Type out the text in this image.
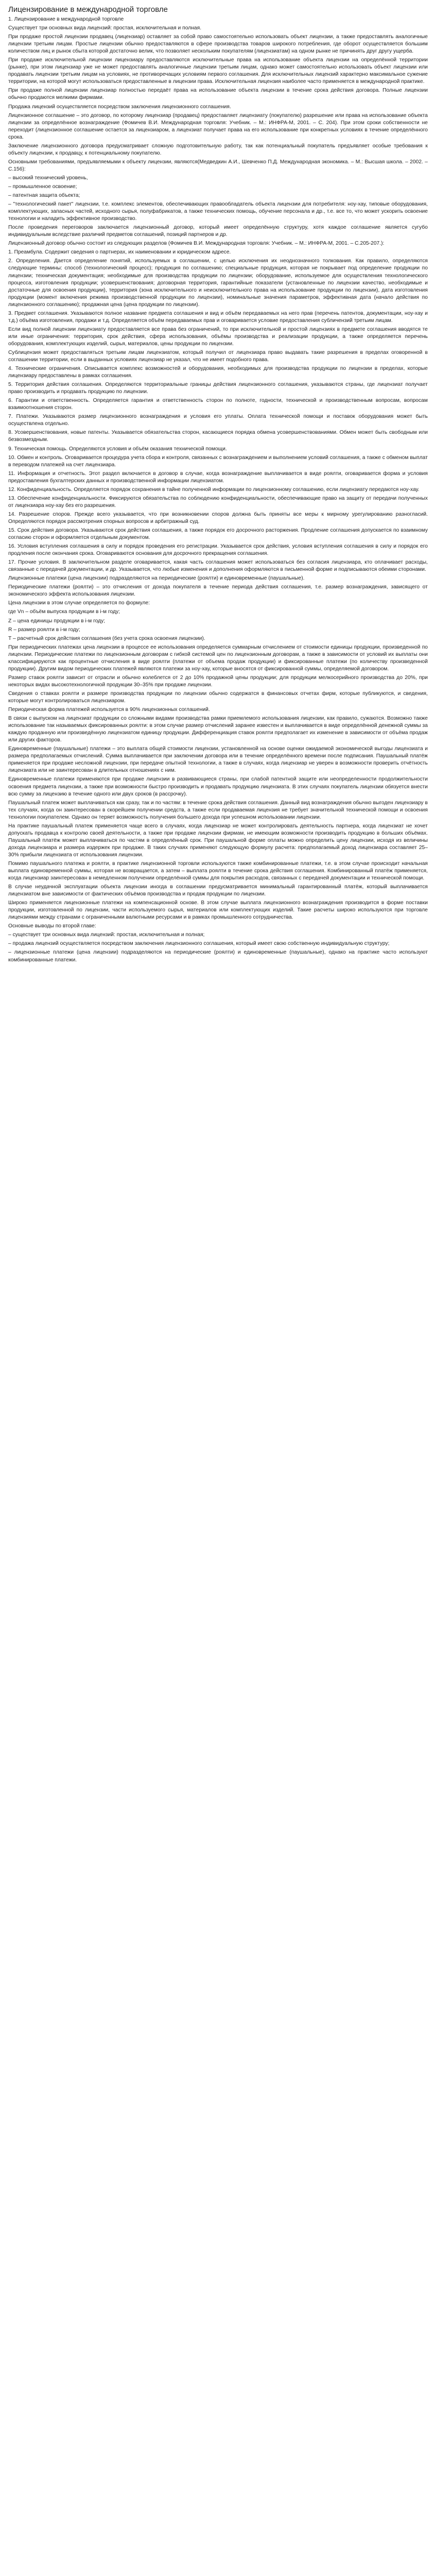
Лицензирование в международной торговле

1. Лицензирование в международной торговле

Существует три основных вида лицензий: простая, исключительная и полная.

При продаже простой лицензии продавец (лицензиар) оставляет за собой право самостоятельно использовать объект лицензии, а также предоставлять аналогичные лицензии третьим лицам. Простые лицензии обычно предоставляются в сфере производства товаров широкого потребления, где оборот осуществляется большим количеством лиц и рынок сбыта которой достаточно велик, что позволяет нескольким покупателям (лицензиатам) на одном рынке не причинять друг другу ущерба.

При продаже исключительной лицензии лицензиару предоставляются исключительные права на использование объекта лицензии на определённой территории (рынке), при этом лицензиар уже не может предоставлять аналогичные лицензии третьим лицам, однако может самостоятельно использовать объект лицензии или продавать лицензии третьим лицам на условиях, не противоречащих условиям первого соглашения. Для исключительных лицензий характерно максимальное сужение территории, на которой могут использоваться предоставленные в лицензии права. Исключительная лицензия наиболее часто применяется в международной практике.

При продаже полной лицензии лицензиар полностью передаёт права на использование объекта лицензии в течение срока действия договора. Полные лицензии обычно продаются мелкими фирмами.

Продажа лицензий осуществляется посредством заключения лицензионного соглашения.

Лицензионное соглашение – это договор, по которому лицензиар (продавец) предоставляет лицензиату (покупателю) разрешение или права на использование объекта лицензии за определённое вознаграждение (Фомичев В.И. Международная торговля: Учебник. – М.: ИНФРА-М, 2001. – С. 204). При этом сроки собственности не переходит (лицензионное соглашение остается за лицензиаром, а лицензиат получает права на его использование при конкретных условиях в течение определённого срока.

Заключение лицензионного договора предусматривает сложную подготовительную работу, так как потенциальный покупатель предъявляет особые требования к объекту лицензии, к продавцу, к потенциальному покупателю.

Основными требованиями, предъявляемыми к объекту лицензии, являются(Медведкин А.И., Шевченко П.Д. Международная экономика. – М.: Высшая школа. – 2002. – С.156):

– высокий технический уровень,

– промышленное освоение;

– патентная защита объекта;

– "технологический пакет" лицензии, т.е. комплекс элементов, обеспечивающих правообладатель объекта лицензии для потребителя: ноу-хау, типовые оборудования, комплектующих, запасных частей, исходного сырья, полуфабрикатов, а также технических помощь, обучение персонала и др., т.е. все то, что может ускорить освоение технологии и наладить эффективное производство.

После проведения переговоров заключается лицензионный договор, который имеет определённую структуру, хотя каждое соглашение является сугубо индивидуальным вследствие различий предметов соглашений, позиций партнеров и др.

Лицензионный договор обычно состоит из следующих разделов (Фомичев В.И. Международная торговля: Учебник. – М.: ИНФРА-М, 2001. – С.205-207.):

1. Преамбула. Содержит сведения о партнерах, их наименовании и юридическом адресе.

2. Определения. Дается определение понятий, используемых в соглашении, с целью исключения их неоднозначного толкования. Как правило, определяются следующие термины: способ (технологический процесс); продукция по соглашению; специальные продукция, которая не покрывает под определение продукции по лицензии; техническая документация; необходимые для производства продукции по лицензии; оборудование, используемое для осуществления технологического процесса, изготовления продукции; усовершенствования; договорная территория, гарантийные показатели (установленные по лицензии качество, необходимые и достаточные для освоения продукции), территория (зона исключительного и неисключительного права на использование продукции по лицензии), дата изготовления продукции (момент включения режима производственной продукции по лицензии), номинальные значения параметров, эффективная дата (начало действия по лицензионного соглашению); продажная цена (цена продукции по лицензии).

3. Предмет соглашения. Указываются полное название предмета соглашения и вид и объём передаваемых на него прав (перечень патентов, документации, ноу-хау и т.д.) объёма изготовления, продажи и т.д. Определяется объём передаваемых прав и оговаривается условие предоставления субличензий третьим лицам.

Если вид полной лицензии лицензиату предоставляется все права без ограничений, то при исключительной и простой лицензиях в предмете соглашения вводятся те или иные ограничения: территория, срок действия, сфера использования, объёмы производства и реализации продукции, а также определяется перечень оборудования, комплектующих изделий, сырья, материалов, цены продукции по лицензии.

Сублицензия может предоставляться третьим лицам лицензиатом, который получил от лицензиара право выдавать такие разрешения в пределах оговоренной в соглашении территории, если в выданных условиях лицензиар не указал, что не имеет подобного права.

4. Технические ограничения. Описывается комплекс возможностей и оборудования, необходимых для производства продукции по лицензии в пределах, которые лицензиару предоставлены в рамках соглашения.

5. Территория действия соглашения. Определяются территориальные границы действия лицензионного соглашения, указываются страны, где лицензиат получает право производить и продавать продукцию по лицензии.

6. Гарантии и ответственность. Определяется гарантия и ответственность сторон по полноте, годности, технической и производственным вопросам, вопросам взаимоотношения сторон.

7. Платежи. Указываются размер лицензионного вознаграждения и условия его уплаты. Оплата технической помощи и поставок оборудования может быть осуществлена отдельно.

8. Усовершенствования, новые патенты. Указывается обязательства сторон, касающиеся порядка обмена усовершенствованиями. Обмен может быть свободным или безвозмездным.

9. Техническая помощь. Определяются условия и объём оказания технической помощи.

10. Обмен и контроль. Оговаривается процедура учета сбора и контроля, связанных с вознаграждением и выполнением условий соглашения, а также с обменом выплат в переводом платежей на счет лицензиара.

11. Информация и отчетность. Этот раздел включается в договор в случае, когда вознаграждение выплачивается в виде роялти, оговаривается форма и условия предоставления бухгалтерских данных и производственной информации лицензиатом.

12. Конфиденциальность. Определяется порядок сохранения в тайне полученной информации по лицензионному соглашению, если лицензиату передаются ноу-хау.

13. Обеспечение конфиденциальности. Фиксируются обязательства по соблюдению конфиденциальности, обеспечивающие право на защиту от передачи полученных от лицензиара ноу-хау без его разрешения.

14. Разрешение споров. Прежде всего указывается, что при возникновении споров должна быть приняты все меры к мирному урегулированию разногласий. Определяются порядок рассмотрения спорных вопросов и арбитражный суд.

15. Срок действия договора. Указываются срок действия соглашения, а также порядок его досрочного расторжения. Продление соглашения допускается по взаимному согласию сторон и оформляется отдельным документом.

16. Условия вступления соглашения в силу и порядок проведения его регистрации. Указывается срок действия, условия вступления соглашения в силу и порядок его продления после окончания срока. Оговариваются основания для досрочного прекращения соглашения.

17. Прочие условия. В заключительном разделе оговаривается, какая часть соглашения может использоваться без согласия лицензиара, кто оплачивает расходы, связанные с передачей документации, и др. Указывается, что любые изменения и дополнения оформляются в письменной форме и подписываются обеими сторонами.

Лицензионные платежи (цена лицензии) подразделяются на периодические (роялти) и единовременные (паушальные).

Периодические платежи (роялти) – это отчисления от дохода покупателя в течение периода действия соглашения, т.е. размер вознаграждения, зависящего от экономического эффекта использования лицензии.

Цена лицензии в этом случае определяется по формуле:

где Vn – объём выпуска продукции в i-м году;

Z – цена единицы продукции в i-м году;

R – размер роялти в i-м году;

T – расчетный срок действия соглашения (без учета срока освоения лицензии).

При периодических платежах цена лицензии в процессе ее использования определяется суммарным отчислением от стоимости единицы продукции, произведенной по лицензии. Периодические платежи по лицензионным договорам с гибкой системой цен по лицензионным договорам, а также в зависимости от условий их выплаты они классифицируются как процентные отчисления в виде роялти (платежи от объема продаж продукции) и фиксированные платежи (по количеству произведенной продукции). Другим видом периодических платежей являются платежи за ноу-хау, которые вносятся от фиксированной суммы, определяемой договором.

Размер ставок роялти зависит от отрасли и обычно колеблется от 2 до 10% продажной цены продукции; для продукции мелкосерийного производства до 20%, при некоторых видах высокотехнологичной продукции 30–35% при продаже лицензии.

Сведения о ставках роялти и размере производства продукции по лицензии обычно содержатся в финансовых отчетах фирм, которые публикуются, и сведения, которые могут контролироваться лицензиаром.

Периодическая форма платежей используется в 90% лицензионных соглашений.

В связи с выпуском на лицензиат продукции со сложными видами производства рамки приемлемого использования лицензии, как правило, сужаются. Возможно также использование так называемых фиксированных роялти: в этом случае размер отчислений заранее известен и выплачивается в виде определённой денежной суммы за каждую проданную или произведённую лицензиатом единицу продукции. Дифференциация ставок роялти предполагает их изменение в зависимости от объёма продаж или других факторов.

Единовременные (паушальные) платежи – это выплата общей стоимости лицензии, установленной на основе оценки ожидаемой экономической выгоды лицензиата и размера предполагаемых отчислений. Сумма выплачивается при заключении договора или в течение определённого времени после подписания. Паушальный платёж применяется при продаже несложной лицензии, при передаче опытной технологии, а также в случаях, когда лицензиар не уверен в возможности проверить отчётность лицензиата или не заинтересован в длительных отношениях с ним.

Единовременные платежи применяются при продаже лицензии в развивающиеся страны, при слабой патентной защите или неопределенности продолжительности освоения предмета лицензии, а также при возможности быстро производить и продавать продукцию лицензиата. В этих случаях покупатель лицензии обязуется внести всю сумму за лицензию в течение одного или двух сроков (в рассрочку).

Паушальный платеж может выплачиваться как сразу, так и по частям: в течение срока действия соглашения. Данный вид вознаграждения обычно выгоден лицензиару в тех случаях, когда он заинтересован в скорейшем получении средств, а также если продаваемая лицензия не требует значительной технической помощи и освоения технологии покупателем. Однако он теряет возможность получения большего дохода при успешном использовании лицензии.

На практике паушальный платеж применяется чаще всего в случаях, когда лицензиар не может контролировать деятельность партнера, когда лицензиат не хочет допускать продавца к контролю своей деятельности, а также при продаже лицензии фирмам, не имеющим возможности производить продукцию в больших объёмах. Паушальный платёж может выплачиваться по частям в определённый срок. При паушальной форме оплаты можно определить цену лицензии, исходя из величины дохода лицензиара и размера издержек при продаже. В таких случаях применяют следующую формулу расчета: предполагаемый доход лицензиара составляет 25–30% прибыли лицензиата от использования лицензии.

Помимо паушального платежа и роялти, в практике лицензионной торговли используются также комбинированные платежи, т.е. в этом случае происходит начальная выплата единовременной суммы, которая не возвращается, а затем – выплата роялти в течение срока действия соглашения. Комбинированный платёж применяется, когда лицензиар заинтересован в немедленном получении определённой суммы для покрытия расходов, связанных с передачей документации и технической помощи.

В случае неудачной эксплуатации объекта лицензии иногда в соглашении предусматривается минимальный гарантированный платёж, который выплачивается лицензиатом вне зависимости от фактических объёмов производства и продаж продукции по лицензии.

Широко применяется лицензионные платежи на компенсационной основе. В этом случае выплата лицензионного вознаграждения производится в форме поставки продукции, изготовленной по лицензии, части используемого сырья, материалов или комплектующих изделий. Такие расчеты широко используются при торговле лицензиями между странами с ограниченными валютными ресурсами и в рамках промышленного сотрудничества.

Основные выводы по второй главе:

– существует три основных вида лицензий: простая, исключительная и полная;

– продажа лицензий осуществляется посредством заключения лицензионного соглашения, который имеет свою собственную индивидуальную структуру;

– лицензионные платежи (цена лицензии) подразделяются на периодические (роялти) и единовременные (паушальные), однако на практике часто используют комбинированные платежи.
